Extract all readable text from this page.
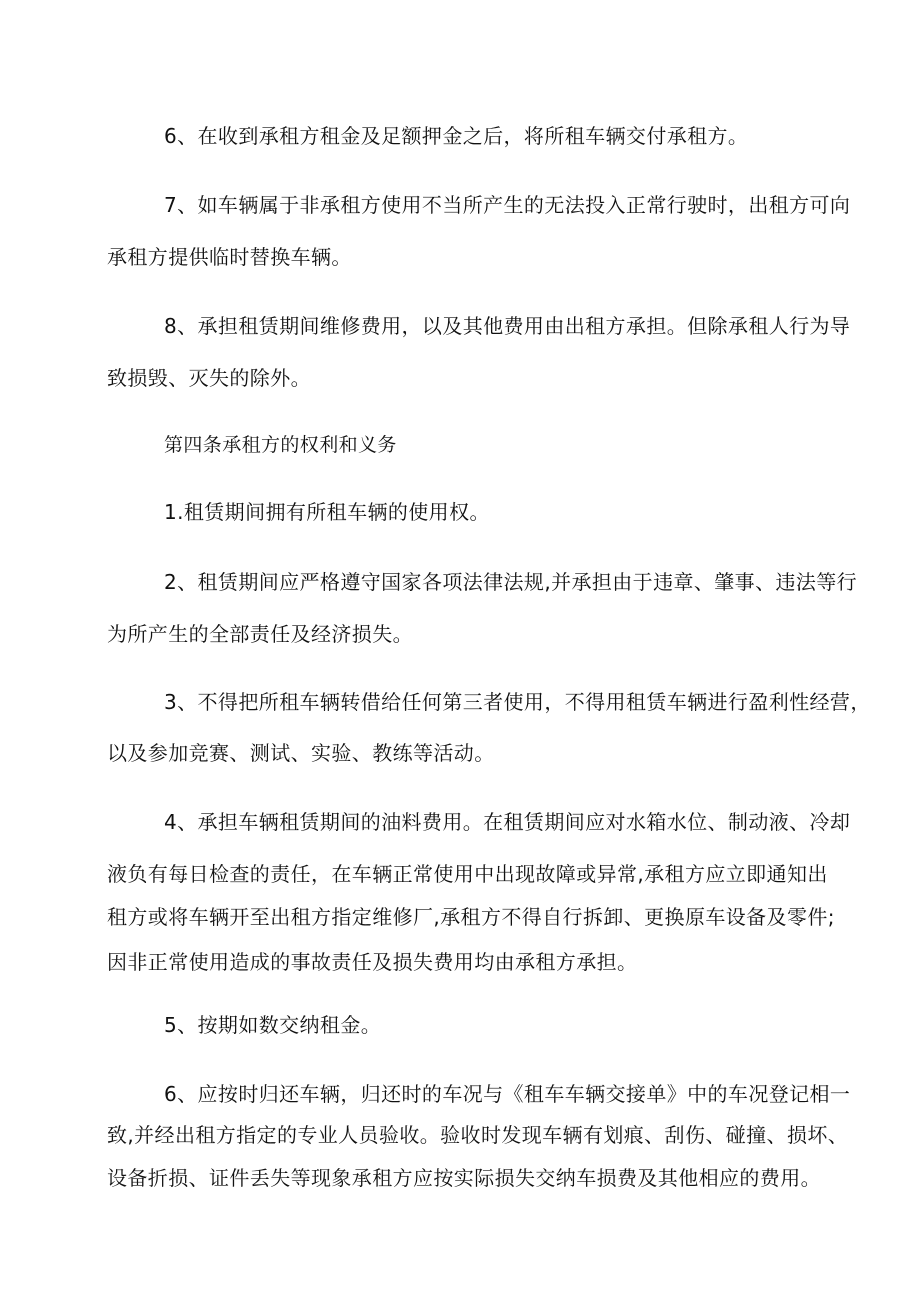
6、在收到承租方租金及足额押金之后，将所租车辆交付承租方。
7、如车辆属于非承租方使用不当所产生的无法投入正常行驶时，出租方可向
承租方提供临时替换车辆。
8、承担租赁期间维修费用，以及其他费用由出租方承担。但除承租人行为导
致损毁、灭失的除外。
第四条承租方的权利和义务
1.租赁期间拥有所租车辆的使用权。
2、租赁期间应严格遵守国家各项法律法规,并承担由于违章、肇事、违法等行
为所产生的全部责任及经济损失。
3、不得把所租车辆转借给任何第三者使用，不得用租赁车辆进行盈利性经营，
以及参加竞赛、测试、实验、教练等活动。
4、承担车辆租赁期间的油料费用。在租赁期间应对水箱水位、制动液、冷却
液负有每日检查的责任，在车辆正常使用中出现故障或异常,承租方应立即通知出
租方或将车辆开至出租方指定维修厂,承租方不得自行拆卸、更换原车设备及零件;
因非正常使用造成的事故责任及损失费用均由承租方承担。
5、按期如数交纳租金。
6、应按时归还车辆，归还时的车况与《租车车辆交接单》中的车况登记相一
致,并经出租方指定的专业人员验收。验收时发现车辆有划痕、刮伤、碰撞、损坏、
设备折损、证件丢失等现象承租方应按实际损失交纳车损费及其他相应的费用。
